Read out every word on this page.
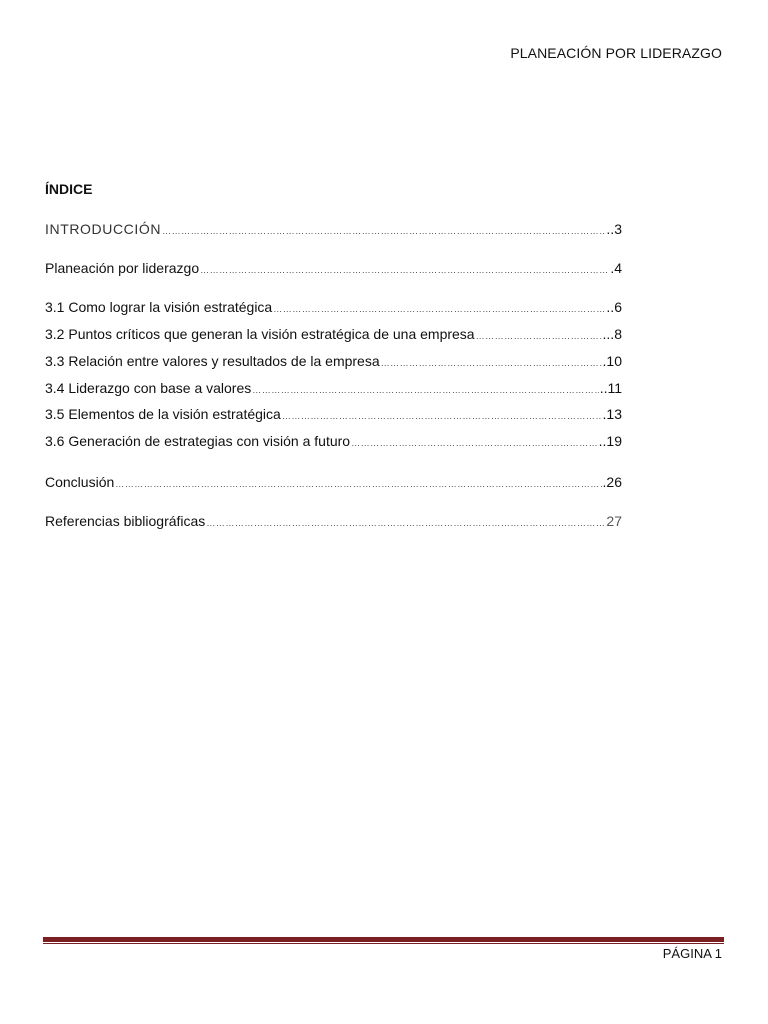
PLANEACIÓN POR LIDERAZGO
ÍNDICE
INTRODUCCIÓN …………………………………………………………………………………………………………………………………………………………………………………………………………	..3
Planeación por liderazgo …………………………………………………………………………………………………………………………………………………………………………………………………………	.4
3.1 Como lograr la visión estratégica …………………………………………………………………………………………………………………………………………………………………………………………………………	..6
3.2 Puntos críticos que generan la visión estratégica de una empresa …………………………………………………………………………………………………………………………………………………………………………………………………………	...8
3.3 Relación entre valores y resultados de la empresa …………………………………………………………………………………………………………………………………………………………………………………………………………	.10
3.4 Liderazgo con base a valores …………………………………………………………………………………………………………………………………………………………………………………………………………	..11
3.5 Elementos de la visión estratégica …………………………………………………………………………………………………………………………………………………………………………………………………………	.13
3.6 Generación de estrategias con visión a futuro …………………………………………………………………………………………………………………………………………………………………………………………………………	..19
Conclusión …………………………………………………………………………………………………………………………………………………………………………………………………………	.26
Referencias bibliográficas …………………………………………………………………………………………………………………………………………………………………………………………………………	27
PÁGINA 1
